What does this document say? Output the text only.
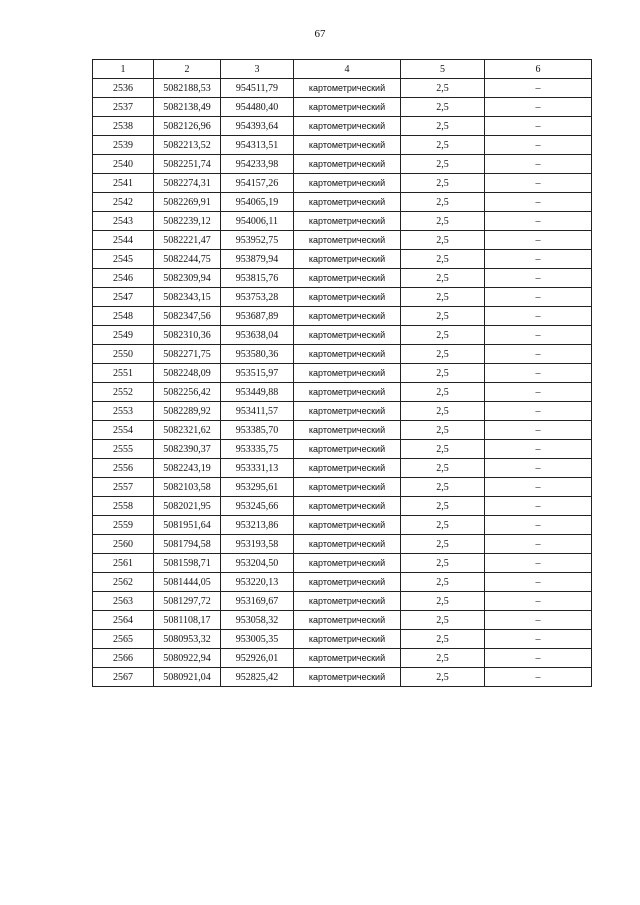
67
1	2	3	4	5	6
2536	5082188,53	954511,79	картометрический	2,5	–
2537	5082138,49	954480,40	картометрический	2,5	–
2538	5082126,96	954393,64	картометрический	2,5	–
2539	5082213,52	954313,51	картометрический	2,5	–
2540	5082251,74	954233,98	картометрический	2,5	–
2541	5082274,31	954157,26	картометрический	2,5	–
2542	5082269,91	954065,19	картометрический	2,5	–
2543	5082239,12	954006,11	картометрический	2,5	–
2544	5082221,47	953952,75	картометрический	2,5	–
2545	5082244,75	953879,94	картометрический	2,5	–
2546	5082309,94	953815,76	картометрический	2,5	–
2547	5082343,15	953753,28	картометрический	2,5	–
2548	5082347,56	953687,89	картометрический	2,5	–
2549	5082310,36	953638,04	картометрический	2,5	–
2550	5082271,75	953580,36	картометрический	2,5	–
2551	5082248,09	953515,97	картометрический	2,5	–
2552	5082256,42	953449,88	картометрический	2,5	–
2553	5082289,92	953411,57	картометрический	2,5	–
2554	5082321,62	953385,70	картометрический	2,5	–
2555	5082390,37	953335,75	картометрический	2,5	–
2556	5082243,19	953331,13	картометрический	2,5	–
2557	5082103,58	953295,61	картометрический	2,5	–
2558	5082021,95	953245,66	картометрический	2,5	–
2559	5081951,64	953213,86	картометрический	2,5	–
2560	5081794,58	953193,58	картометрический	2,5	–
2561	5081598,71	953204,50	картометрический	2,5	–
2562	5081444,05	953220,13	картометрический	2,5	–
2563	5081297,72	953169,67	картометрический	2,5	–
2564	5081108,17	953058,32	картометрический	2,5	–
2565	5080953,32	953005,35	картометрический	2,5	–
2566	5080922,94	952926,01	картометрический	2,5	–
2567	5080921,04	952825,42	картометрический	2,5	–
